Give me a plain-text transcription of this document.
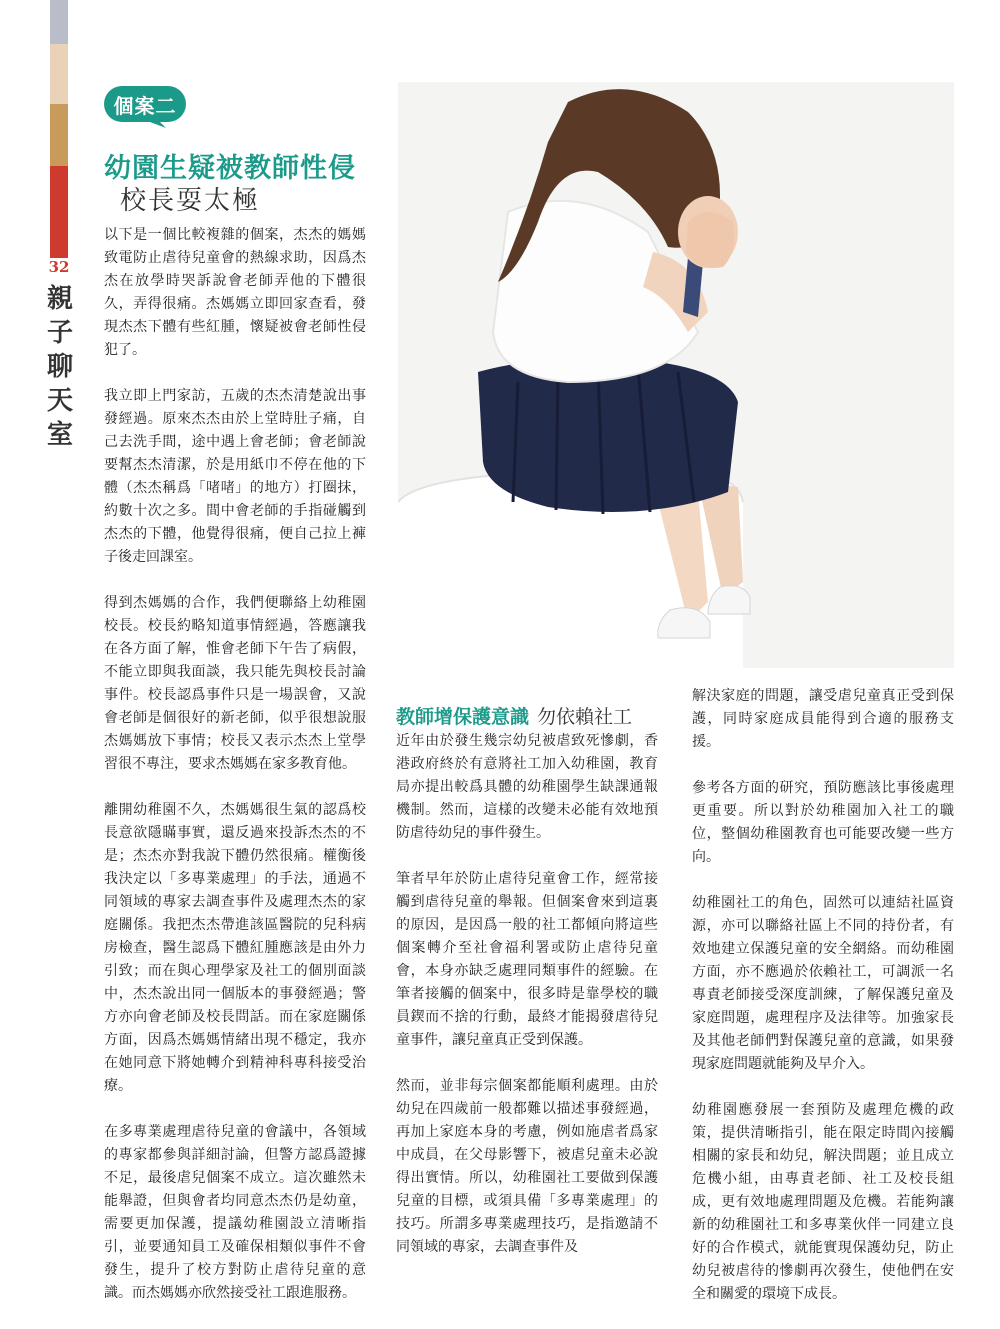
32
親
子
聊
天
室
個案二
幼園生疑被教師性侵
校長耍太極

以下是一個比較複雜的個案，杰杰的媽媽致電防止虐待兒童會的熱線求助，因爲杰杰在放學時哭訴說會老師弄他的下體很久，弄得很痛。杰媽媽立即回家查看，發現杰杰下體有些紅腫，懷疑被會老師性侵犯了。

我立即上門家訪，五歲的杰杰清楚說出事發經過。原來杰杰由於上堂時肚子痛，自己去洗手間，途中遇上會老師；會老師說要幫杰杰清潔，於是用紙巾不停在他的下體（杰杰稱爲「啫啫」的地方）打圈抹，約數十次之多。間中會老師的手指碰觸到杰杰的下體，他覺得很痛，便自己拉上褲子後走回課室。

得到杰媽媽的合作，我們便聯絡上幼稚園校長。校長約略知道事情經過，答應讓我在各方面了解，惟會老師下午告了病假，不能立即與我面談，我只能先與校長討論事件。校長認爲事件只是一場誤會，又說會老師是個很好的新老師，似乎很想說服杰媽媽放下事情；校長又表示杰杰上堂學習很不專注，要求杰媽媽在家多教育他。

離開幼稚園不久，杰媽媽很生氣的認爲校長意欲隱瞞事實，還反過來投訴杰杰的不是；杰杰亦對我說下體仍然很痛。權衡後我決定以「多專業處理」的手法，通過不同領域的專家去調查事件及處理杰杰的家庭關係。我把杰杰帶進該區醫院的兒科病房檢查，醫生認爲下體紅腫應該是由外力引致；而在與心理學家及社工的個別面談中，杰杰說出同一個版本的事發經過；警方亦向會老師及校長問話。而在家庭關係方面，因爲杰媽媽情緒出現不穩定，我亦在她同意下將她轉介到精神科專科接受治療。

在多專業處理虐待兒童的會議中，各領域的專家都參與詳細討論，但警方認爲證據不足，最後虐兒個案不成立。這次雖然未能舉證，但與會者均同意杰杰仍是幼童，需要更加保護，提議幼稚園設立清晰指引，並要通知員工及確保相類似事件不會發生，提升了校方對防止虐待兒童的意識。而杰媽媽亦欣然接受社工跟進服務。

教師增保護意識 勿依賴社工

近年由於發生幾宗幼兒被虐致死慘劇，香港政府終於有意將社工加入幼稚園，教育局亦提出較爲具體的幼稚園學生缺課通報機制。然而，這樣的改變未必能有效地預防虐待幼兒的事件發生。

筆者早年於防止虐待兒童會工作，經常接觸到虐待兒童的舉報。但個案會來到這裏的原因，是因爲一般的社工都傾向將這些個案轉介至社會福利署或防止虐待兒童會，本身亦缺乏處理同類事件的經驗。在筆者接觸的個案中，很多時是靠學校的職員鍥而不捨的行動，最終才能揭發虐待兒童事件，讓兒童真正受到保護。

然而，並非每宗個案都能順利處理。由於幼兒在四歲前一般都難以描述事發經過，再加上家庭本身的考慮，例如施虐者爲家中成員，在父母影響下，被虐兒童未必說得出實情。所以，幼稚園社工要做到保護兒童的目標，或須具備「多專業處理」的技巧。所謂多專業處理技巧，是指邀請不同領域的專家，去調查事件及

解決家庭的問題，讓受虐兒童真正受到保護，同時家庭成員能得到合適的服務支援。

參考各方面的研究，預防應該比事後處理更重要。所以對於幼稚園加入社工的職位，整個幼稚園教育也可能要改變一些方向。

幼稚園社工的角色，固然可以連結社區資源，亦可以聯絡社區上不同的持份者，有效地建立保護兒童的安全網絡。而幼稚園方面，亦不應過於依賴社工，可調派一名專責老師接受深度訓練，了解保護兒童及家庭問題，處理程序及法律等。加強家長及其他老師們對保護兒童的意識，如果發現家庭問題就能夠及早介入。

幼稚園應發展一套預防及處理危機的政策，提供清晰指引，能在限定時間內接觸相關的家長和幼兒，解決問題；並且成立危機小組，由專責老師、社工及校長組成，更有效地處理問題及危機。若能夠讓新的幼稚園社工和多專業伙伴一同建立良好的合作模式，就能實現保護幼兒，防止幼兒被虐待的慘劇再次發生，使他們在安全和關愛的環境下成長。
